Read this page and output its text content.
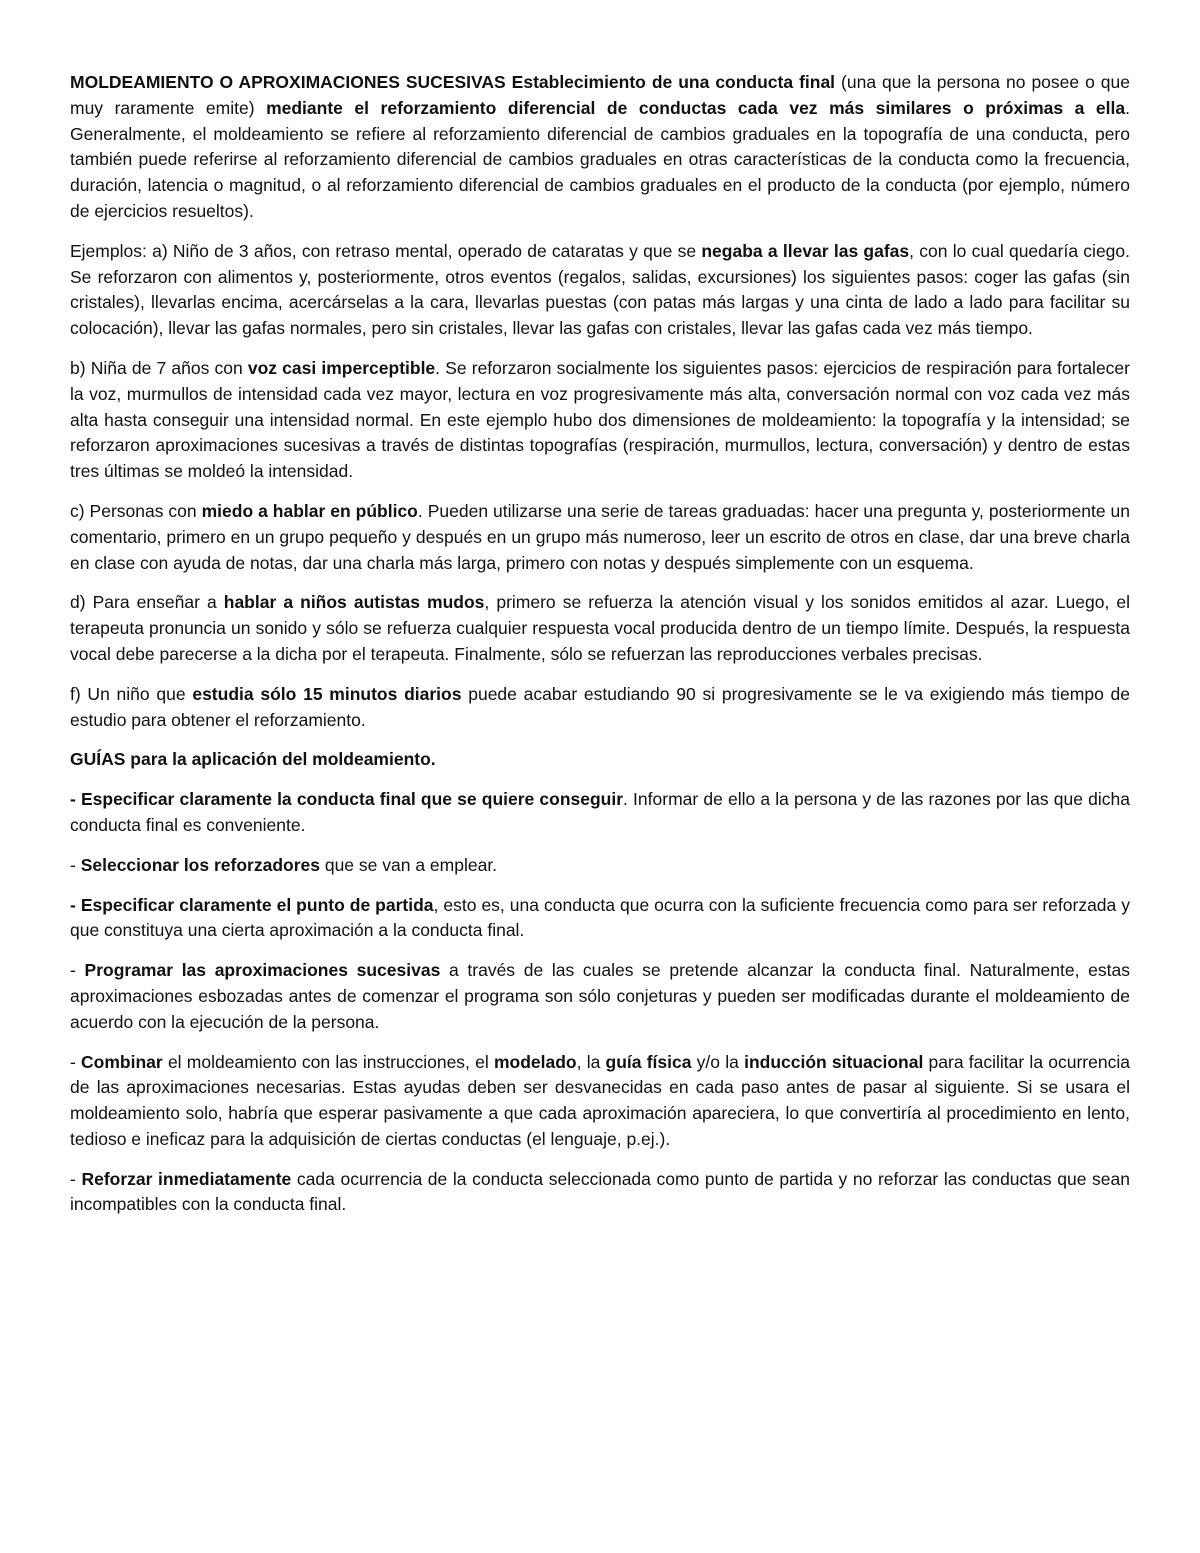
MOLDEAMIENTO O APROXIMACIONES SUCESIVAS Establecimiento de una conducta final (una que la persona no posee o que muy raramente emite) mediante el reforzamiento diferencial de conductas cada vez más similares o próximas a ella. Generalmente, el moldeamiento se refiere al reforzamiento diferencial de cambios graduales en la topografía de una conducta, pero también puede referirse al reforzamiento diferencial de cambios graduales en otras características de la conducta como la frecuencia, duración, latencia o magnitud, o al reforzamiento diferencial de cambios graduales en el producto de la conducta (por ejemplo, número de ejercicios resueltos).

Ejemplos: a) Niño de 3 años, con retraso mental, operado de cataratas y que se negaba a llevar las gafas, con lo cual quedaría ciego. Se reforzaron con alimentos y, posteriormente, otros eventos (regalos, salidas, excursiones) los siguientes pasos: coger las gafas (sin cristales), llevarlas encima, acercárselas a la cara, llevarlas puestas (con patas más largas y una cinta de lado a lado para facilitar su colocación), llevar las gafas normales, pero sin cristales, llevar las gafas con cristales, llevar las gafas cada vez más tiempo.

b) Niña de 7 años con voz casi imperceptible. Se reforzaron socialmente los siguientes pasos: ejercicios de respiración para fortalecer la voz, murmullos de intensidad cada vez mayor, lectura en voz progresivamente más alta, conversación normal con voz cada vez más alta hasta conseguir una intensidad normal. En este ejemplo hubo dos dimensiones de moldeamiento: la topografía y la intensidad; se reforzaron aproximaciones sucesivas a través de distintas topografías (respiración, murmullos, lectura, conversación) y dentro de estas tres últimas se moldeó la intensidad.

c) Personas con miedo a hablar en público. Pueden utilizarse una serie de tareas graduadas: hacer una pregunta y, posteriormente un comentario, primero en un grupo pequeño y después en un grupo más numeroso, leer un escrito de otros en clase, dar una breve charla en clase con ayuda de notas, dar una charla más larga, primero con notas y después simplemente con un esquema.

d) Para enseñar a hablar a niños autistas mudos, primero se refuerza la atención visual y los sonidos emitidos al azar. Luego, el terapeuta pronuncia un sonido y sólo se refuerza cualquier respuesta vocal producida dentro de un tiempo límite. Después, la respuesta vocal debe parecerse a la dicha por el terapeuta. Finalmente, sólo se refuerzan las reproducciones verbales precisas.

f) Un niño que estudia sólo 15 minutos diarios puede acabar estudiando 90 si progresivamente se le va exigiendo más tiempo de estudio para obtener el reforzamiento.

GUÍAS para la aplicación del moldeamiento.

- Especificar claramente la conducta final que se quiere conseguir. Informar de ello a la persona y de las razones por las que dicha conducta final es conveniente.

- Seleccionar los reforzadores que se van a emplear.

- Especificar claramente el punto de partida, esto es, una conducta que ocurra con la suficiente frecuencia como para ser reforzada y que constituya una cierta aproximación a la conducta final.

- Programar las aproximaciones sucesivas a través de las cuales se pretende alcanzar la conducta final. Naturalmente, estas aproximaciones esbozadas antes de comenzar el programa son sólo conjeturas y pueden ser modificadas durante el moldeamiento de acuerdo con la ejecución de la persona.

- Combinar el moldeamiento con las instrucciones, el modelado, la guía física y/o la inducción situacional para facilitar la ocurrencia de las aproximaciones necesarias. Estas ayudas deben ser desvanecidas en cada paso antes de pasar al siguiente. Si se usara el moldeamiento solo, habría que esperar pasivamente a que cada aproximación apareciera, lo que convertiría al procedimiento en lento, tedioso e ineficaz para la adquisición de ciertas conductas (el lenguaje, p.ej.).

- Reforzar inmediatamente cada ocurrencia de la conducta seleccionada como punto de partida y no reforzar las conductas que sean incompatibles con la conducta final.
